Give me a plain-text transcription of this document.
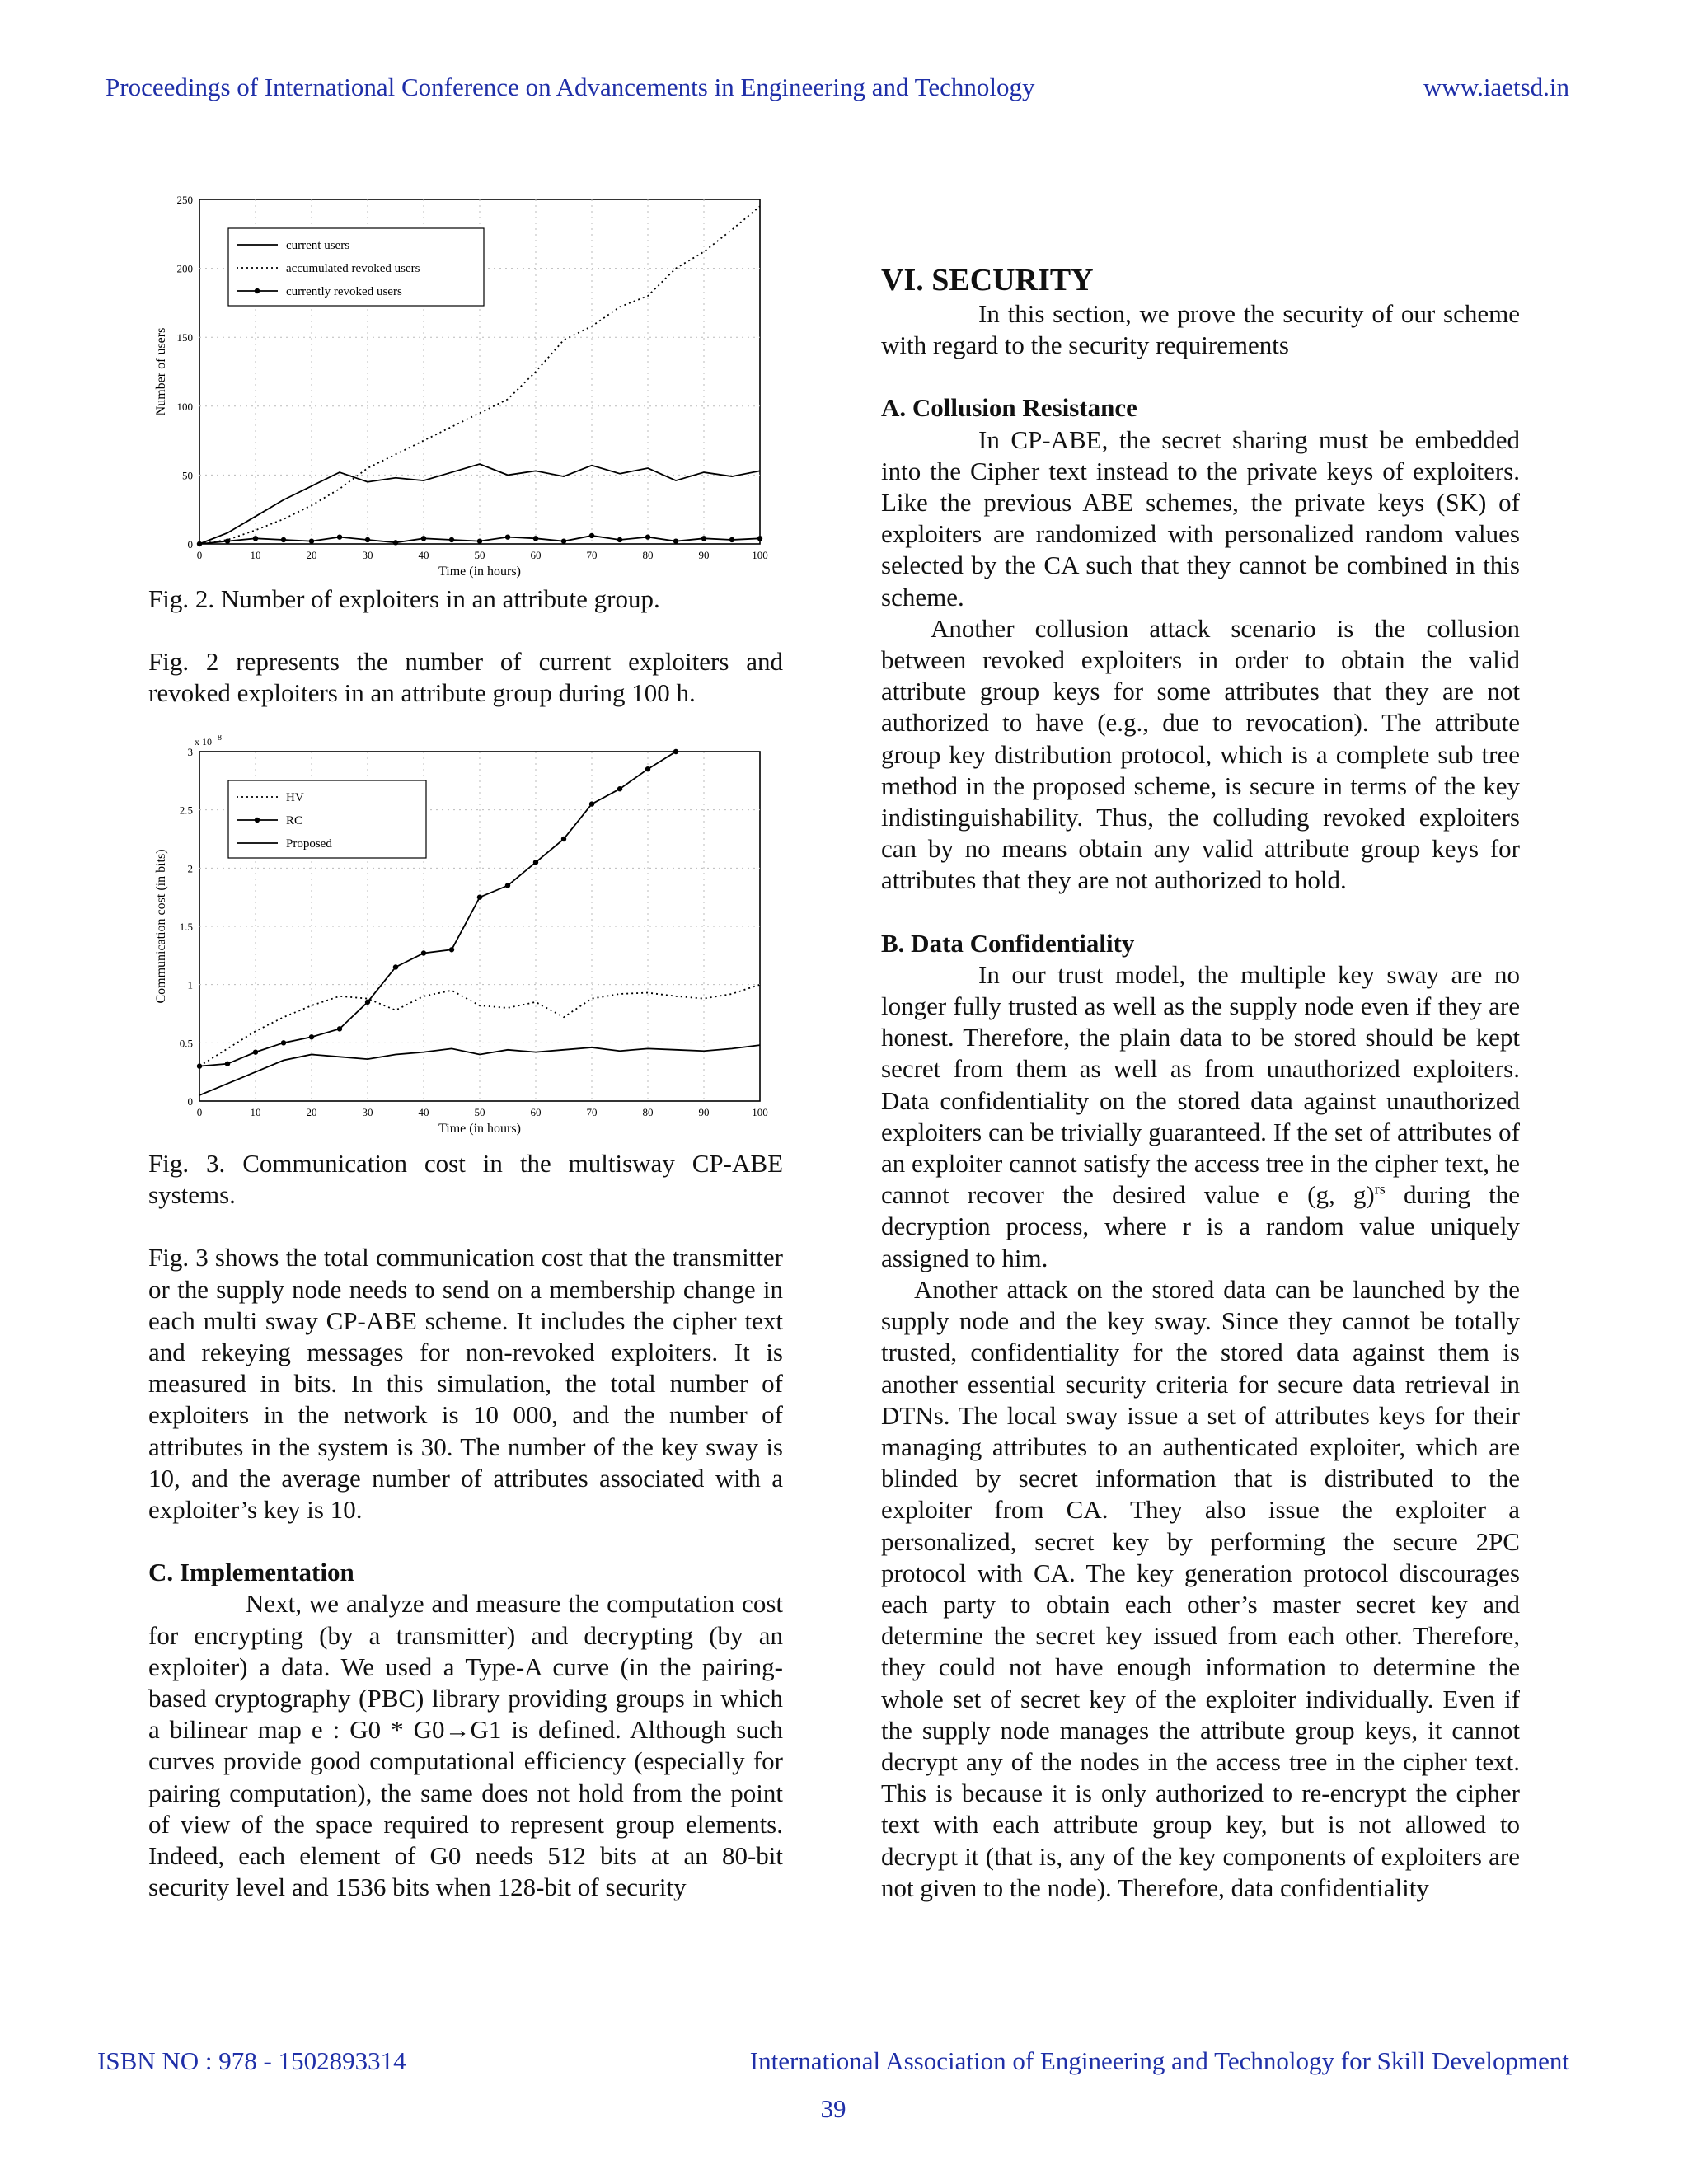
Proceedings of International Conference on Advancements in Engineering and Technology	www.iaetsd.in
0	10	20	30	40	50	60	70	80	90	100
0
50
100
150
200
250
Time (in hours)
Number of users
current users
accumulated revoked users
currently revoked users
0	10	20	30	40	50	60	70	80	90	100
0
0.5
1
1.5
2
2.5
3
Time (in hours)
Communication cost (in bits)
x 10 8
HV
RC
Proposed

Fig. 2. Number of exploiters in an attribute group.

Fig. 2 represents the number of current exploiters and revoked exploiters in an attribute group during 100 h.

Fig. 3. Communication cost in the multisway CP-ABE systems.

Fig. 3 shows the total communication cost that the transmitter or the supply node needs to send on a membership change in each multi sway CP-ABE scheme. It includes the cipher text and rekeying messages for non-revoked exploiters. It is measured in bits. In this simulation, the total number of exploiters in the network is 10 000, and the number of attributes in the system is 30. The number of the key sway is 10, and the average number of attributes associated with a exploiter’s key is 10.

C. Implementation

Next, we analyze and measure the computation cost for encrypting (by a transmitter) and decrypting (by an exploiter) a data. We used a Type-A curve (in the pairing-based cryptography (PBC) library providing groups in which a bilinear map e : G0 * G0→G1 is defined. Although such curves provide good computational efficiency (especially for pairing computation), the same does not hold from the point of view of the space required to represent group elements. Indeed, each element of G0 needs 512 bits at an 80-bit security level and 1536 bits when 128-bit of security

VI. SECURITY

In this section, we prove the security of our scheme with regard to the security requirements

A. Collusion Resistance

In CP-ABE, the secret sharing must be embedded into the Cipher text instead to the private keys of exploiters. Like the previous ABE schemes, the private keys (SK) of exploiters are randomized with personalized random values selected by the CA such that they cannot be combined in this scheme.

Another collusion attack scenario is the collusion between revoked exploiters in order to obtain the valid attribute group keys for some attributes that they are not authorized to have (e.g., due to revocation). The attribute group key distribution protocol, which is a complete sub tree method in the proposed scheme, is secure in terms of the key indistinguishability. Thus, the colluding revoked exploiters can by no means obtain any valid attribute group keys for attributes that they are not authorized to hold.

B. Data Confidentiality

In our trust model, the multiple key sway are no longer fully trusted as well as the supply node even if they are honest. Therefore, the plain data to be stored should be kept secret from them as well as from unauthorized exploiters. Data confidentiality on the stored data against unauthorized exploiters can be trivially guaranteed. If the set of attributes of an exploiter cannot satisfy the access tree in the cipher text, he cannot recover the desired value e (g, g)$^{rs}$ during the decryption process, where r is a random value uniquely assigned to him.

Another attack on the stored data can be launched by the supply node and the key sway. Since they cannot be totally trusted, confidentiality for the stored data against them is another essential security criteria for secure data retrieval in DTNs. The local sway issue a set of attributes keys for their managing attributes to an authenticated exploiter, which are blinded by secret information that is distributed to the exploiter from CA. They also issue the exploiter a personalized, secret key by performing the secure 2PC protocol with CA. The key generation protocol discourages each party to obtain each other’s master secret key and determine the secret key issued from each other. Therefore, they could not have enough information to determine the whole set of secret key of the exploiter individually. Even if the supply node manages the attribute group keys, it cannot decrypt any of the nodes in the access tree in the cipher text. This is because it is only authorized to re-encrypt the cipher text with each attribute group key, but is not allowed to decrypt it (that is, any of the key components of exploiters are not given to the node). Therefore, data confidentiality

ISBN NO : 978 - 1502893314	International Association of Engineering and Technology for Skill Development
39
